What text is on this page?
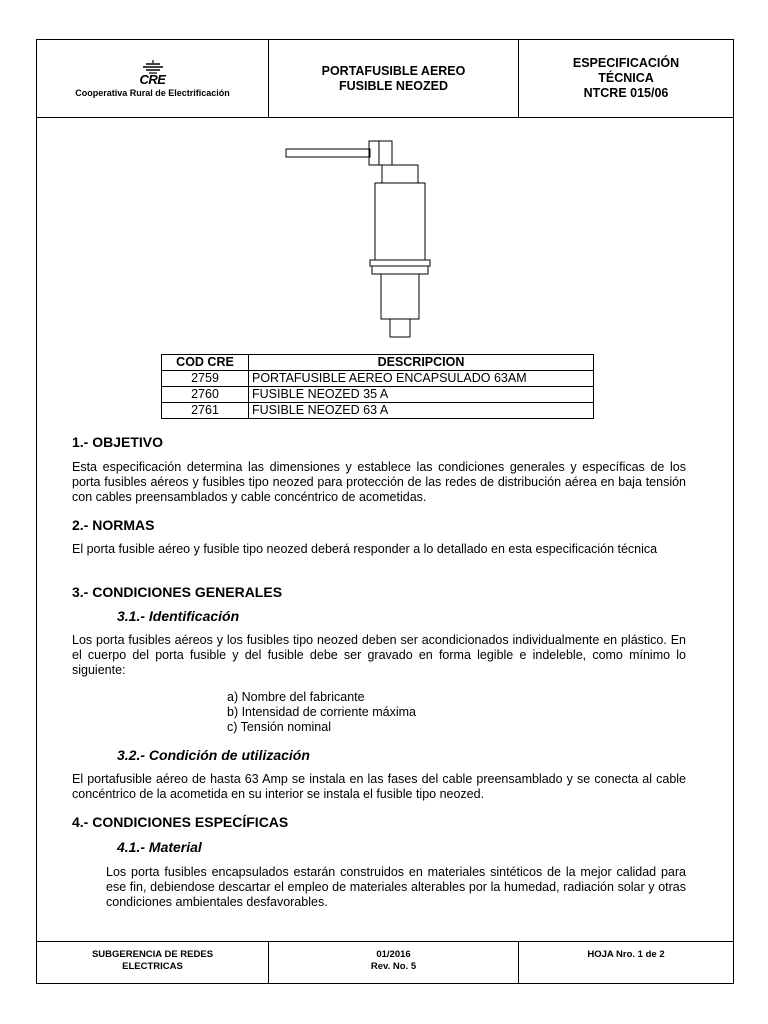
CRE
Cooperativa Rural de Electrificación
PORTAFUSIBLE AEREO
FUSIBLE NEOZED
ESPECIFICACIÓN
TÉCNICA
NTCRE 015/06
SUBGERENCIA DE REDES
ELECTRICAS
01/2016
Rev. No. 5
HOJA Nro. 1 de 2
COD CRE	DESCRIPCION
2759	PORTAFUSIBLE AEREO ENCAPSULADO 63AM
2760	FUSIBLE NEOZED 35 A
2761	FUSIBLE NEOZED 63 A
1.- OBJETIVO
Esta especificación determina las dimensiones y establece las condiciones generales y específicas de los porta fusibles aéreos y fusibles tipo neozed para protección de las redes de distribución aérea en baja tensión con cables preensamblados y cable concéntrico de acometidas.
2.- NORMAS
El porta fusible aéreo y fusible tipo neozed deberá responder a lo detallado en esta especificación técnica
3.- CONDICIONES GENERALES
3.1.- Identificación
Los porta fusibles aéreos y los fusibles tipo neozed deben ser acondicionados individualmente en plástico. En el cuerpo del porta fusible y del fusible debe ser gravado en forma legible e indeleble, como mínimo lo siguiente:
a) Nombre del fabricante
b) Intensidad de corriente máxima
c) Tensión nominal
3.2.- Condición de utilización
El portafusible aéreo de hasta 63 Amp se instala en las fases del cable preensamblado y se conecta al cable concéntrico de la acometida en su interior se instala el fusible tipo neozed.
4.- CONDICIONES ESPECÍFICAS
4.1.- Material
Los porta fusibles encapsulados estarán construidos en materiales sintéticos de la mejor calidad para ese fin, debiendose descartar el empleo de materiales alterables por la humedad, radiación solar y otras condiciones ambientales desfavorables.
